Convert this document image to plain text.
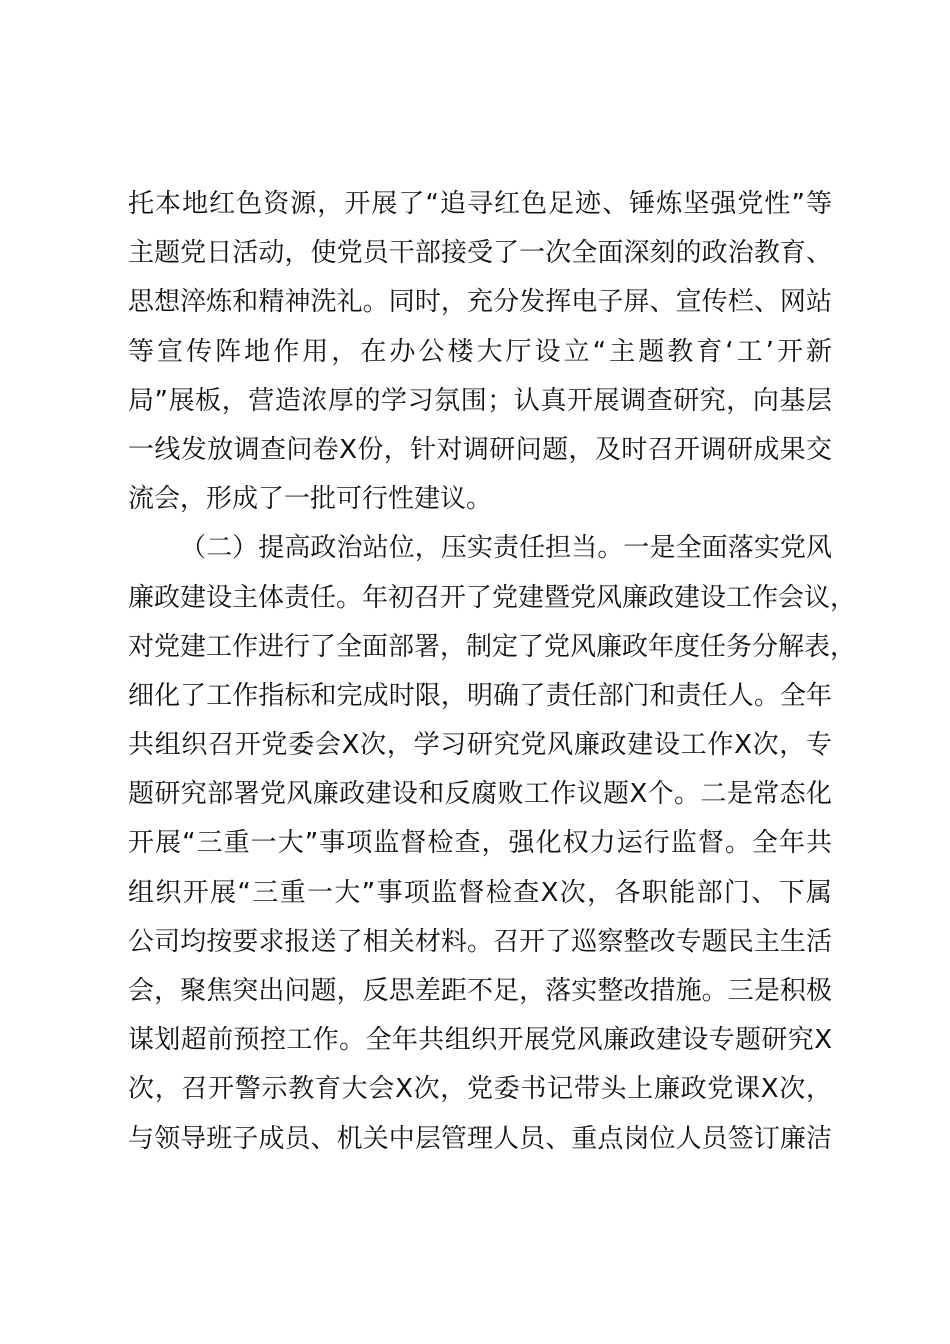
托本地红色资源，开展了“追寻红色足迹、锤炼坚强党性”等
主题党日活动，使党员干部接受了一次全面深刻的政治教育、
思想淬炼和精神洗礼。同时，充分发挥电子屏、宣传栏、网站
等宣传阵地作用，在办公楼大厅设立“主题教育‘工’开新
局”展板，营造浓厚的学习氛围；认真开展调查研究，向基层
一线发放调查问卷X份，针对调研问题，及时召开调研成果交
流会，形成了一批可行性建议。
（二）提高政治站位，压实责任担当。一是全面落实党风
廉政建设主体责任。年初召开了党建暨党风廉政建设工作会议，
对党建工作进行了全面部署，制定了党风廉政年度任务分解表，
细化了工作指标和完成时限，明确了责任部门和责任人。全年
共组织召开党委会X次，学习研究党风廉政建设工作X次，专
题研究部署党风廉政建设和反腐败工作议题X个。二是常态化
开展“三重一大”事项监督检查，强化权力运行监督。全年共
组织开展“三重一大”事项监督检查X次，各职能部门、下属
公司均按要求报送了相关材料。召开了巡察整改专题民主生活
会，聚焦突出问题，反思差距不足，落实整改措施。三是积极
谋划超前预控工作。全年共组织开展党风廉政建设专题研究X
次，召开警示教育大会X次，党委书记带头上廉政党课X次，
与领导班子成员、机关中层管理人员、重点岗位人员签订廉洁
